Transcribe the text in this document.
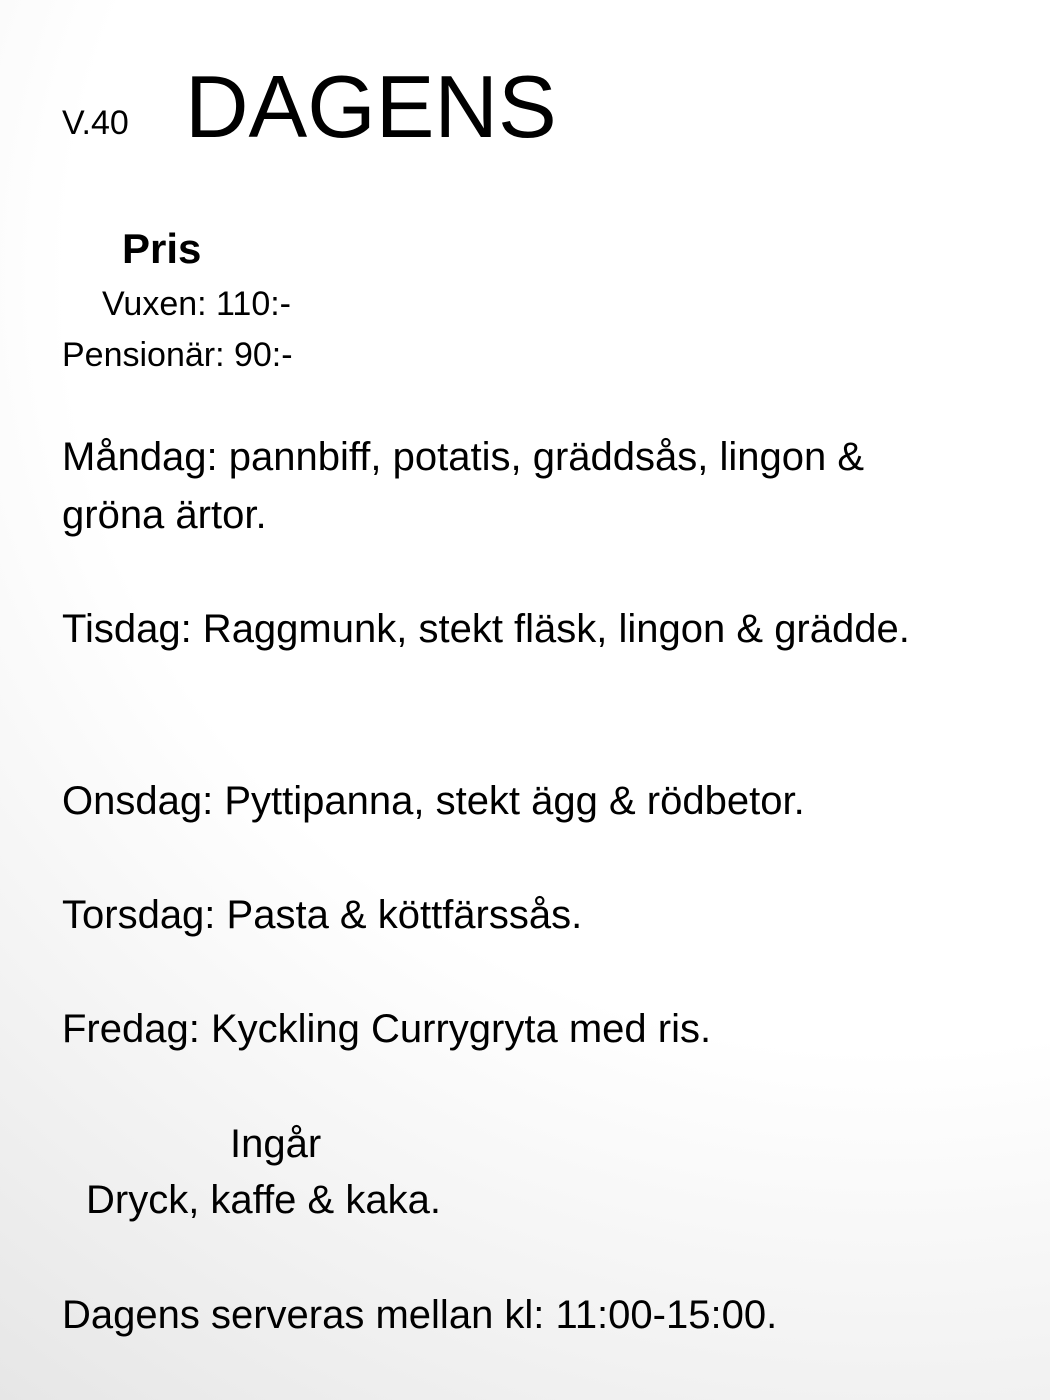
V.40 DAGENS
Pris
Vuxen: 110:-
Pensionär: 90:-
Måndag: pannbiff, potatis, gräddsås, lingon & gröna ärtor.
Tisdag: Raggmunk, stekt fläsk, lingon & grädde.
Onsdag: Pyttipanna, stekt ägg & rödbetor.
Torsdag: Pasta & köttfärssås.
Fredag: Kyckling Currygryta med ris.
Ingår
Dryck, kaffe & kaka.
Dagens serveras mellan kl: 11:00-15:00.
